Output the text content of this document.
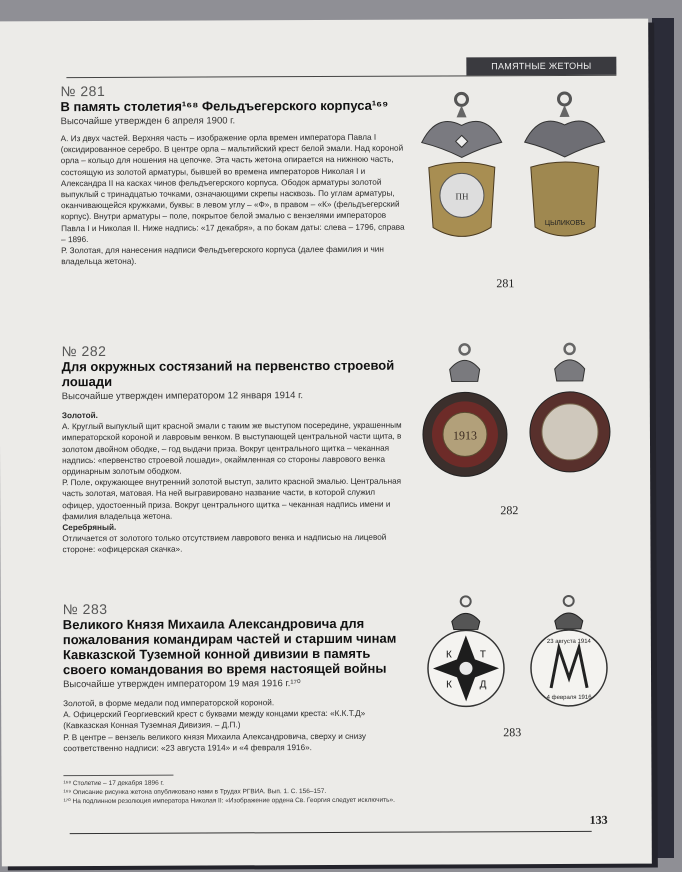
ПАМЯТНЫЕ ЖЕТОНЫ
№ 281
В память столетия¹⁶⁸ Фельдъегерского корпуса¹⁶⁹
Высочайше утвержден 6 апреля 1900 г.

А. Из двух частей. Верхняя часть – изображение орла времен императора Павла I (оксидированное серебро. В центре орла – мальтийский крест белой эмали. Над короной орла – кольцо для ношения на цепочке. Эта часть жетона опирается на нижнюю часть, состоящую из золотой арматуры, бывшей во времена императоров Николая I и Александра II на касках чинов фельдъегерского корпуса. Ободок арматуры золотой выпуклый с тринадцатью точками, означающими скрепы насквозь. По углам арматуры, оканчивающейся кружками, буквы: в левом углу – «Ф», в правом – «К» (фельдъегерский корпус). Внутри арматуры – поле, покрытое белой эмалью с вензелями императоров Павла I и Николая II. Ниже надпись: «17 декабря», а по бокам даты: слева – 1796, справа – 1896.

Р. Золотая, для нанесения надписи Фельдъегерского корпуса (далее фамилия и чин владельца жетона).

ПН
ЦЫЛИКОВЪ
281
№ 282
Для окружных состязаний на первенство строевой лошади
Высочайше утвержден императором 12 января 1914 г.

Золотой.

А. Круглый выпуклый щит красной эмали с таким же выступом посередине, украшенным императорской короной и лавровым венком. В выступающей центральной части щита, в золотом двойном ободке, – год выдачи приза. Вокруг центрального щитка – чеканная надпись: «первенство строевой лошади», окаймленная со стороны лаврового венка ординарным золотым ободком.

Р. Поле, окружающее внутренний золотой выступ, залито красной эмалью. Центральная часть золотая, матовая. На ней выгравировано название части, в которой служил офицер, удостоенный приза. Вокруг центрального щитка – чеканная надпись имени и фамилия владельца жетона.

Серебряный.

Отличается от золотого только отсутствием лаврового венка и надписью на лицевой стороне: «офицерская скачка».

1913
282
№ 283
Великого Князя Михаила Александровича для пожалования командирам частей и старшим чинам Кавказской Туземной конной дивизии в память своего командования во время настоящей войны
Высочайше утвержден императором 19 мая 1916 г.¹⁷⁰

Золотой, в форме медали под императорской короной.

А. Офицерский Георгиевский крест с буквами между концами креста: «К.К.Т.Д» (Кавказская Конная Туземная Дивизия. – Д.П.)

Р. В центре – вензель великого князя Михаила Александровича, сверху и снизу соответственно надписи: «23 августа 1914» и «4 февраля 1916».

К	Т
К	Д
23 августа 1914
4 февраля 1916
283
¹⁶⁸ Столетие – 17 декабря 1896 г.
¹⁶⁹ Описание рисунка жетона опубликовано нами в Трудах РГВИА. Вып. 1. С. 156–157.
¹⁷⁰ На подлинном резолюция императора Николая II: «Изображение ордена Св. Георгия следует исключить».
133
